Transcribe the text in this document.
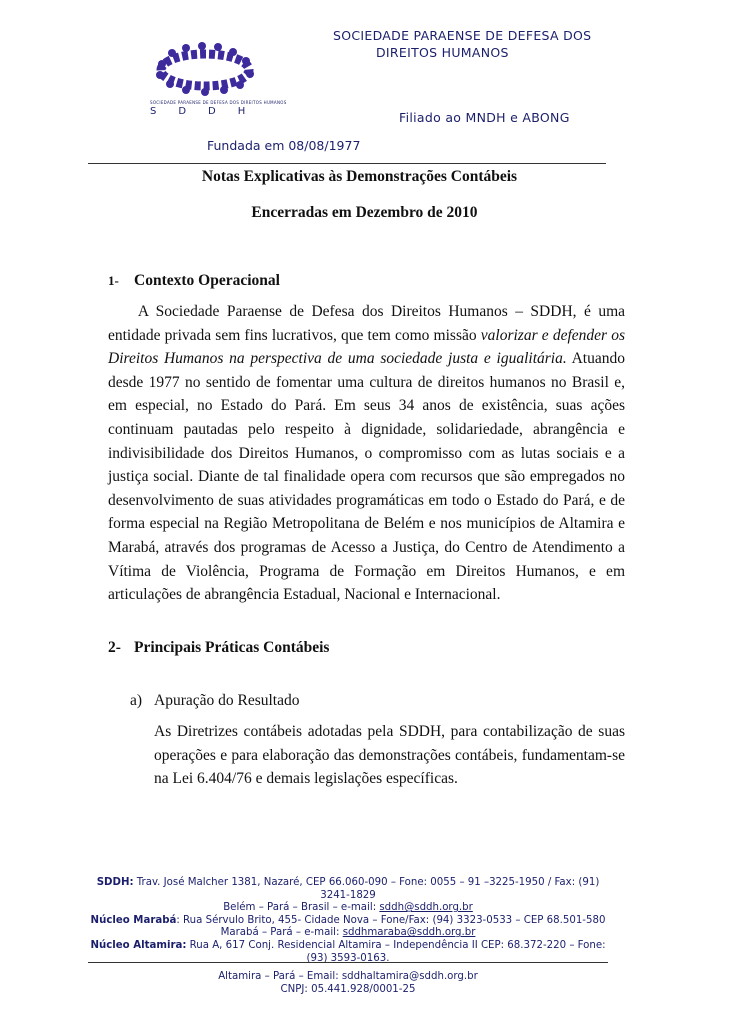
SOCIEDADE PARAENSE DE DEFESA DOS DIREITOS HUMANOS
SDDH
SOCIEDADE PARAENSE DE DEFESA DOS
DIREITOS HUMANOS
Filiado ao MNDH e ABONG
Fundada em 08/08/1977
Notas Explicativas às Demonstrações Contábeis
Encerradas em Dezembro de 2010
1- Contexto Operacional
A Sociedade Paraense de Defesa dos Direitos Humanos – SDDH, é uma entidade privada sem fins lucrativos, que tem como missão valorizar e defender os Direitos Humanos na perspectiva de uma sociedade justa e igualitária. Atuando desde 1977 no sentido de fomentar uma cultura de direitos humanos no Brasil e, em especial, no Estado do Pará. Em seus 34 anos de existência, suas ações continuam pautadas pelo respeito à dignidade, solidariedade, abrangência e indivisibilidade dos Direitos Humanos, o compromisso com as lutas sociais e a justiça social. Diante de tal finalidade opera com recursos que são empregados no desenvolvimento de suas atividades programáticas em todo o Estado do Pará, e de forma especial na Região Metropolitana de Belém e nos municípios de Altamira e Marabá, através dos programas de Acesso a Justiça, do Centro de Atendimento a Vítima de Violência, Programa de Formação em Direitos Humanos, e em articulações de abrangência Estadual, Nacional e Internacional.
2- Principais Práticas Contábeis
a) Apuração do Resultado
As Diretrizes contábeis adotadas pela SDDH, para contabilização de suas operações e para elaboração das demonstrações contábeis, fundamentam-se na Lei 6.404/76 e demais legislações específicas.
SDDH: Trav. José Malcher 1381, Nazaré, CEP 66.060-090 – Fone: 0055 – 91 –3225-1950 / Fax: (91) 3241-1829
Belém – Pará – Brasil – e-mail: sddh@sddh.org.br
Núcleo Marabá: Rua Sérvulo Brito, 455- Cidade Nova – Fone/Fax: (94) 3323-0533 – CEP 68.501-580
Marabá – Pará – e-mail: sddhmaraba@sddh.org.br
Núcleo Altamira: Rua A, 617 Conj. Residencial Altamira – Independência II CEP: 68.372-220 – Fone: (93) 3593-0163.
Altamira – Pará – Email: sddhaltamira@sddh.org.br
CNPJ: 05.441.928/0001-25
